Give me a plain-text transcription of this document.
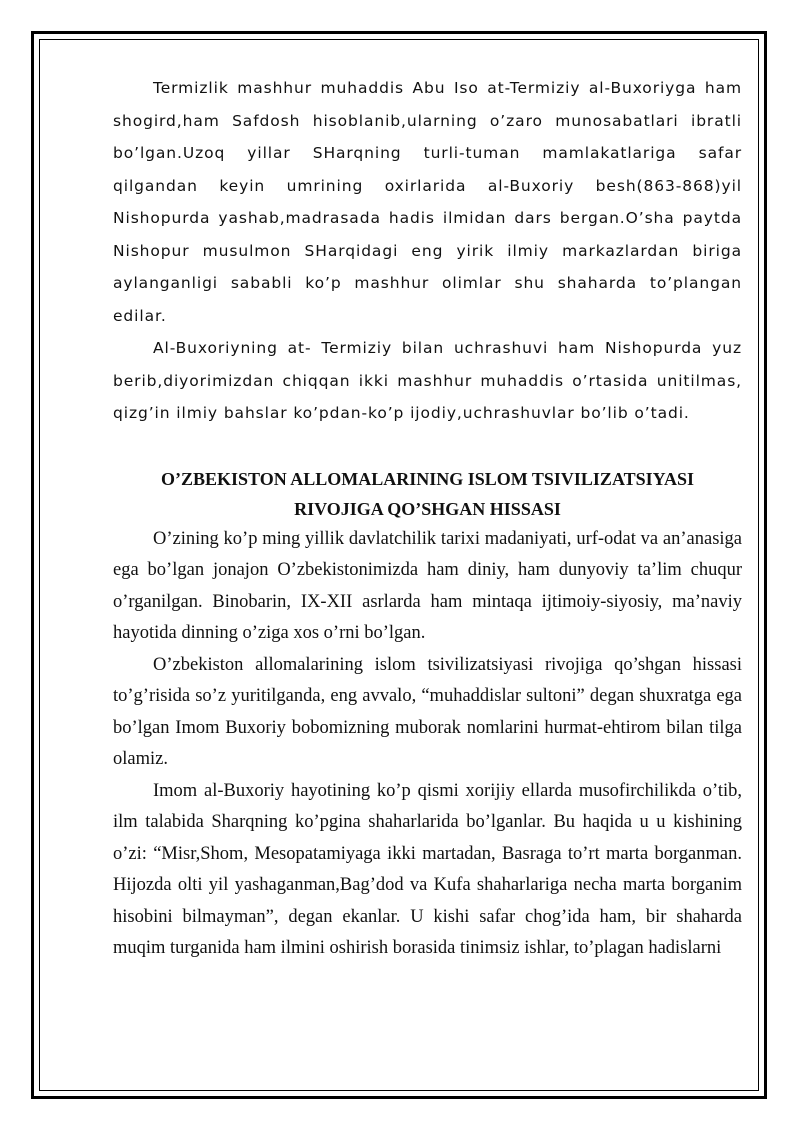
Termizlik mashhur muhaddis Abu Iso at-Termiziy al-Buxoriyga ham shogird,ham Safdosh hisoblanib,ularning o’zaro munosabatlari ibratli bo’lgan.Uzoq yillar SHarqning turli-tuman mamlakatlariga safar qilgandan keyin umrining oxirlarida al-Buxoriy besh(863-868)yil Nishopurda yashab,madrasada hadis ilmidan dars bergan.O’sha paytda Nishopur musulmon SHarqidagi eng yirik ilmiy markazlardan biriga aylanganligi sababli ko’p mashhur olimlar shu shaharda to’plangan edilar.

Al-Buxoriyning at- Termiziy bilan uchrashuvi ham Nishopurda yuz berib,diyorimizdan chiqqan ikki mashhur muhaddis o’rtasida unitilmas, qizg’in ilmiy bahslar ko’pdan-ko’p ijodiy,uchrashuvlar bo’lib o’tadi.

O’ZBEKISTON ALLOMALARINING ISLOM TSIVILIZATSIYASI
RIVOJIGA QO’SHGAN HISSASI

O’zining ko’p ming yillik davlatchilik tarixi madaniyati, urf-odat va an’anasiga ega bo’lgan jonajon O’zbekistonimizda ham diniy, ham dunyoviy ta’lim chuqur o’rganilgan. Binobarin, IX-XII asrlarda ham mintaqa ijtimoiy-siyosiy, ma’naviy hayotida dinning o’ziga xos o’rni bo’lgan.

O’zbekiston allomalarining islom tsivilizatsiyasi rivojiga qo’shgan hissasi to’g’risida so’z yuritilganda, eng avvalo, “muhaddislar sultoni” degan shuxratga ega bo’lgan Imom Buxoriy bobomizning muborak nomlarini hurmat-ehtirom bilan tilga olamiz.

Imom al-Buxoriy hayotining ko’p qismi xorijiy ellarda musofirchilikda o’tib, ilm talabida Sharqning ko’pgina shaharlarida bo’lganlar. Bu haqida u u kishining o’zi: “Misr,Shom, Mesopatamiyaga ikki martadan, Basraga to’rt marta borganman. Hijozda olti yil yashaganman,Bag’dod va Kufa shaharlariga necha marta borganim hisobini bilmayman”, degan ekanlar. U kishi safar chog’ida ham, bir shaharda muqim turganida ham ilmini oshirish borasida tinimsiz ishlar, to’plagan hadislarni
